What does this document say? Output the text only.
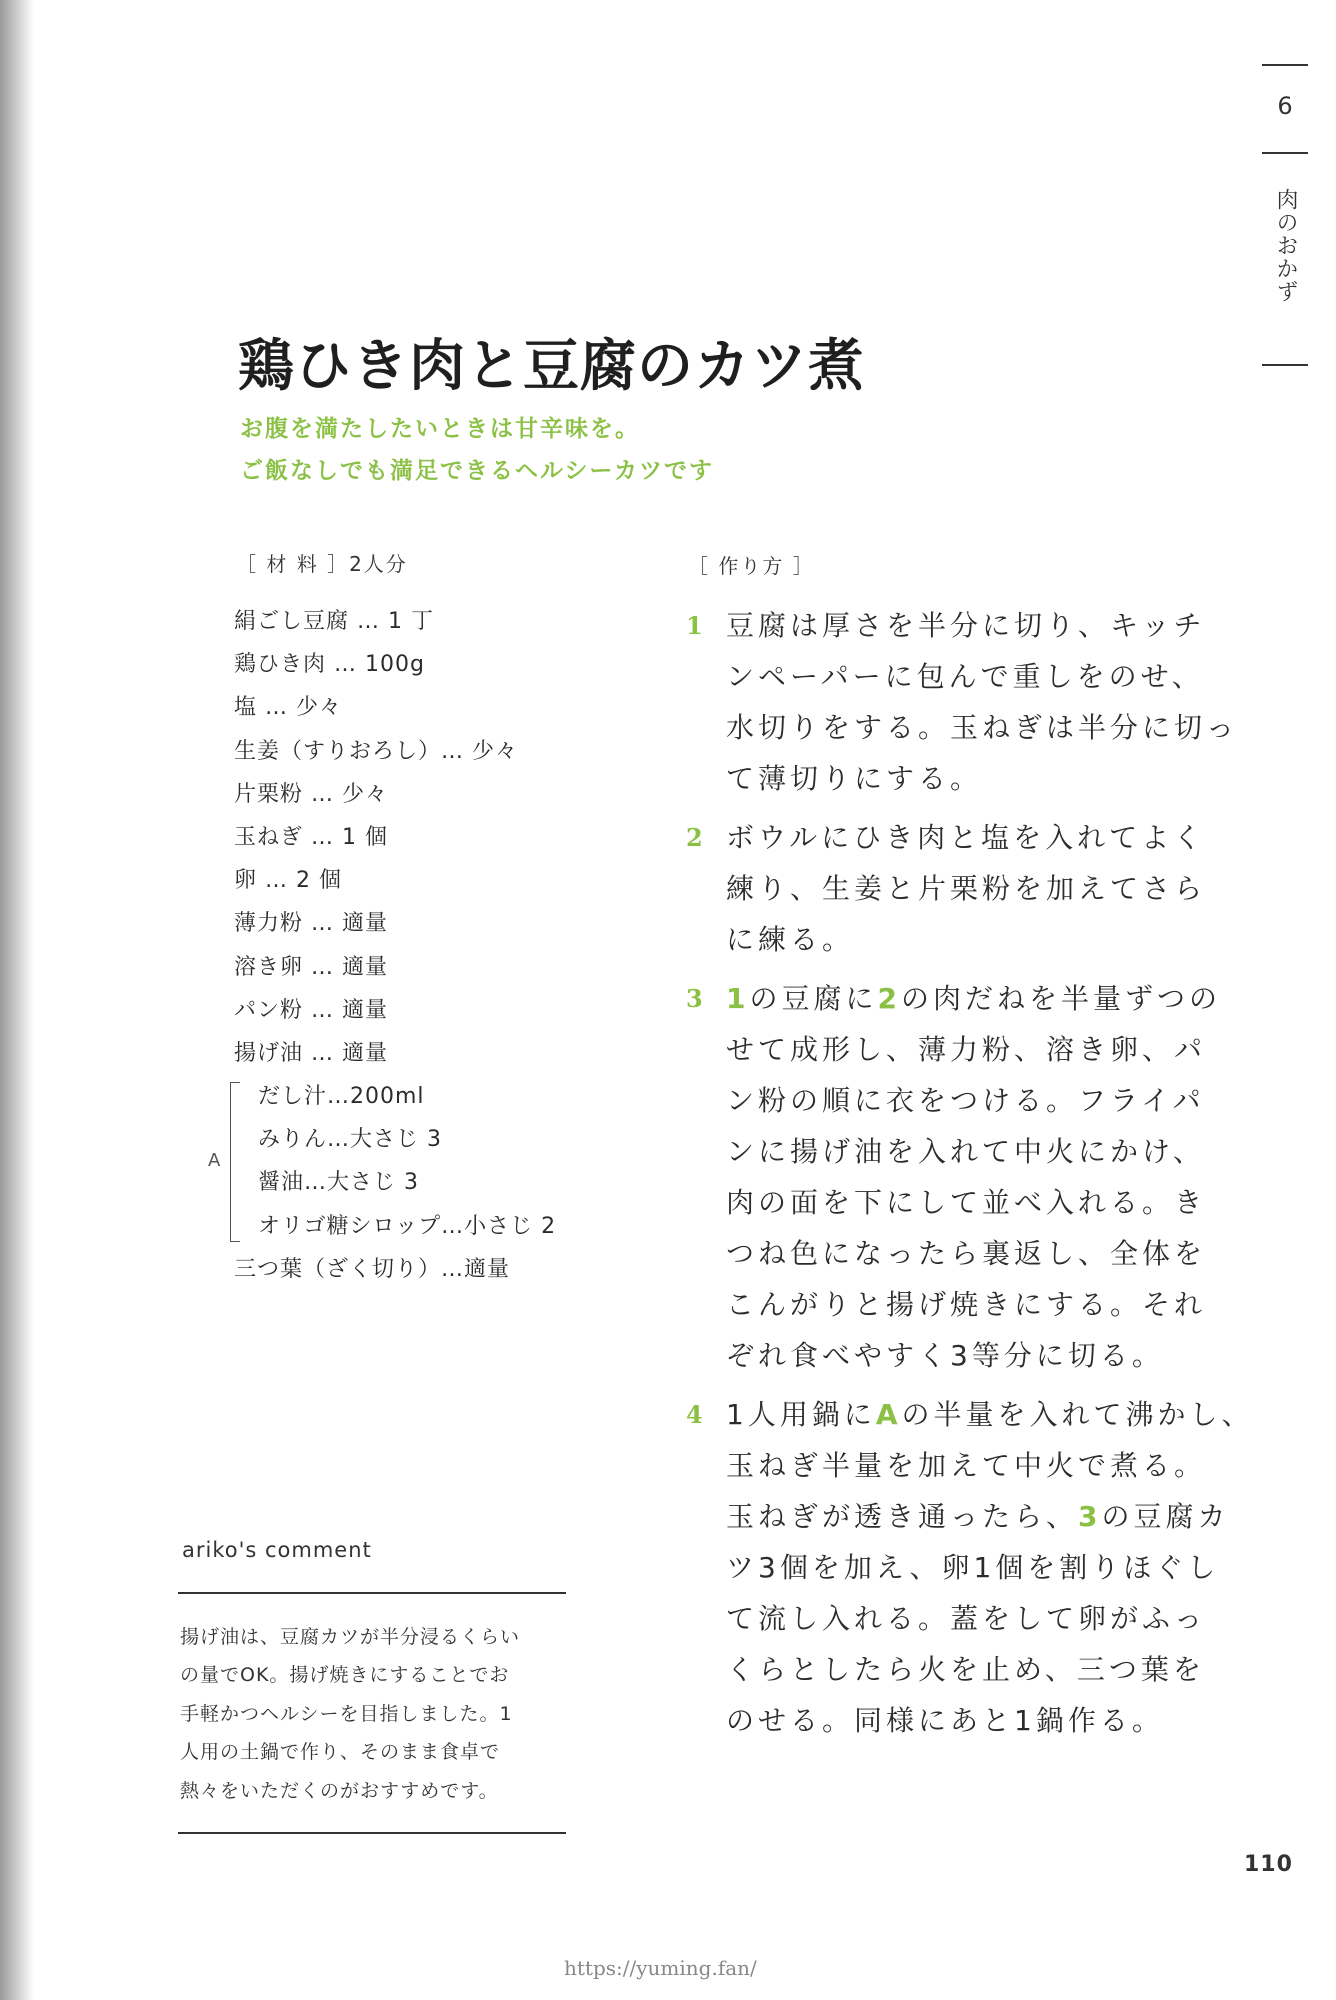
6
肉のおかず
鶏ひき肉と豆腐のカツ煮
お腹を満たしたいときは甘辛味を。
ご飯なしでも満足できるヘルシーカツです
［ 材 料 ］2人分
絹ごし豆腐 … 1 丁
鶏ひき肉 … 100g
塩 … 少々
生姜（すりおろし）… 少々
片栗粉 … 少々
玉ねぎ … 1 個
卵 … 2 個
薄力粉 … 適量
溶き卵 … 適量
パン粉 … 適量
揚げ油 … 適量
だし汁…200ml
みりん…大さじ 3
醤油…大さじ 3
オリゴ糖シロップ…小さじ 2
三つ葉（ざく切り）…適量
A
［ 作り方 ］
1 豆腐は厚さを半分に切り、キッチ
ンペーパーに包んで重しをのせ、
水切りをする。玉ねぎは半分に切っ
て薄切りにする。
2 ボウルにひき肉と塩を入れてよく
練り、生姜と片栗粉を加えてさら
に練る。
3 1の豆腐に2の肉だねを半量ずつの
せて成形し、薄力粉、溶き卵、パ
ン粉の順に衣をつける。フライパ
ンに揚げ油を入れて中火にかけ、
肉の面を下にして並べ入れる。き
つね色になったら裏返し、全体を
こんがりと揚げ焼きにする。それ
ぞれ食べやすく3等分に切る。
4 1人用鍋にAの半量を入れて沸かし、
玉ねぎ半量を加えて中火で煮る。
玉ねぎが透き通ったら、3の豆腐カ
ツ3個を加え、卵1個を割りほぐし
て流し入れる。蓋をして卵がふっ
くらとしたら火を止め、三つ葉を
のせる。同様にあと1鍋作る。
ariko's comment
揚げ油は、豆腐カツが半分浸るくらい
の量でOK。揚げ焼きにすることでお
手軽かつヘルシーを目指しました。1
人用の土鍋で作り、そのまま食卓で
熱々をいただくのがおすすめです。
110
https://yuming.fan/
